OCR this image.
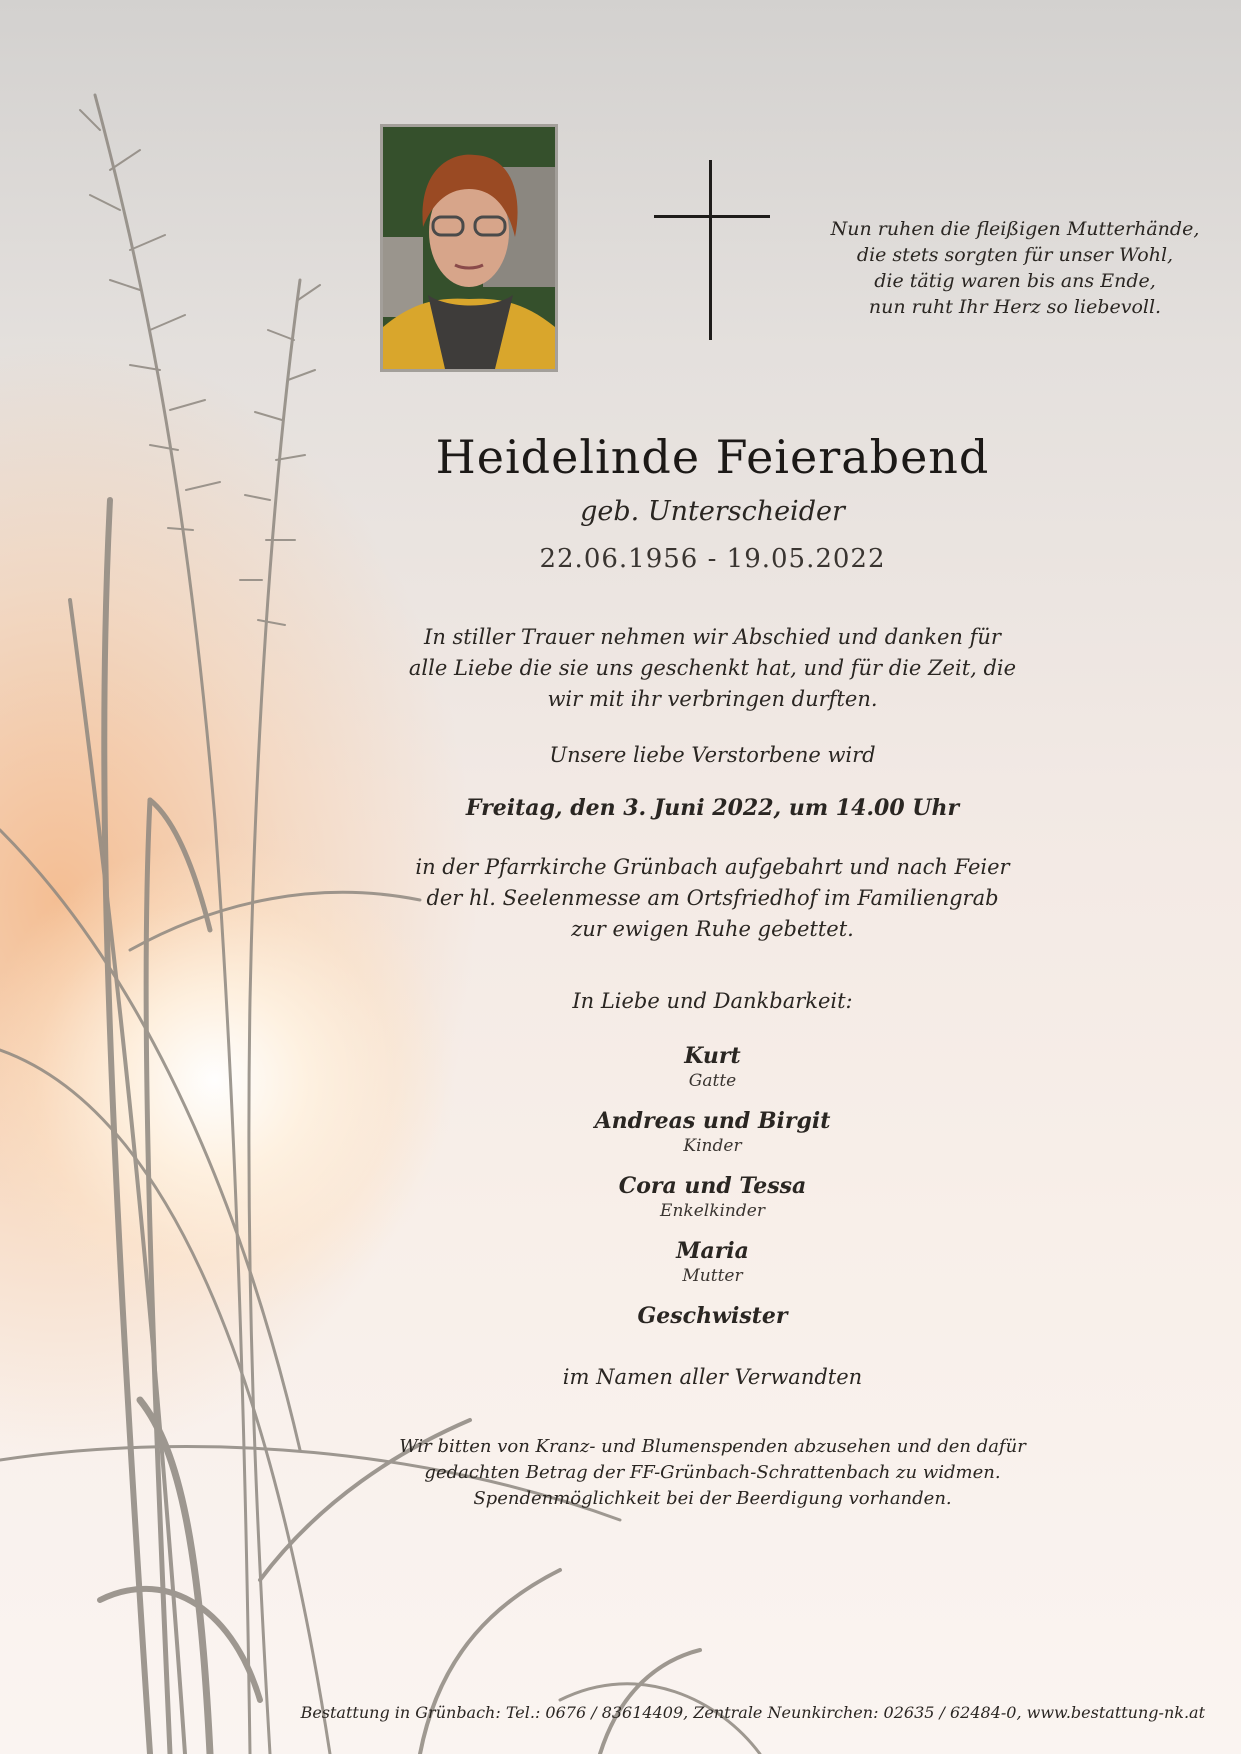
Nun ruhen die fleißigen Mutterhände,
die stets sorgten für unser Wohl,
die tätig waren bis ans Ende,
nun ruht Ihr Herz so liebevoll.
Heidelinde Feierabend
geb. Unterscheider
22.06.1956 - 19.05.2022
In stiller Trauer nehmen wir Abschied und danken für
alle Liebe die sie uns geschenkt hat, und für die Zeit, die
wir mit ihr verbringen durften.
Unsere liebe Verstorbene wird
Freitag, den 3. Juni 2022, um 14.00 Uhr
in der Pfarrkirche Grünbach aufgebahrt und nach Feier
der hl. Seelenmesse am Ortsfriedhof im Familiengrab
zur ewigen Ruhe gebettet.
In Liebe und Dankbarkeit:
Kurt
Gatte
Andreas und Birgit
Kinder
Cora und Tessa
Enkelkinder
Maria
Mutter
Geschwister
im Namen aller Verwandten
Wir bitten von Kranz- und Blumenspenden abzusehen und den dafür
gedachten Betrag der FF-Grünbach-Schrattenbach zu widmen.
Spendenmöglichkeit bei der Beerdigung vorhanden.
Bestattung in Grünbach: Tel.: 0676 / 83614409, Zentrale Neunkirchen: 02635 / 62484-0, www.bestattung-nk.at
